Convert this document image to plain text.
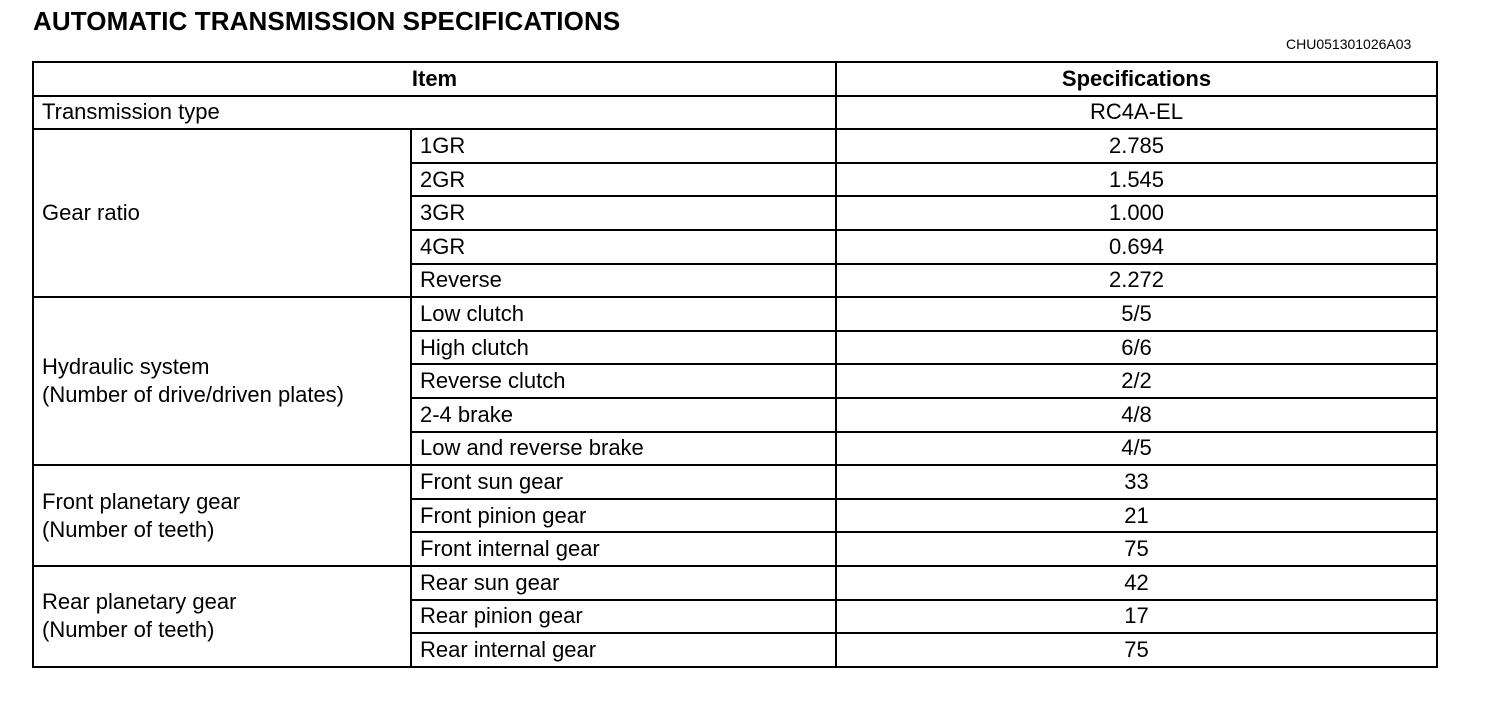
AUTOMATIC TRANSMISSION SPECIFICATIONS
CHU051301026A03
Item		Specifications
Transmission type		RC4A-EL

Gear ratio	1GR	2.785
	2GR	1.545
	3GR	1.000
	4GR	0.694
	Reverse	2.272

Hydraulic system
(Number of drive/driven plates)	Low clutch	5/5
	High clutch	6/6
	Reverse clutch	2/2
	2-4 brake	4/8
	Low and reverse brake	4/5

Front planetary gear
(Number of teeth)	Front sun gear	33
	Front pinion gear	21
	Front internal gear	75

Rear planetary gear
(Number of teeth)	Rear sun gear	42
	Rear pinion gear	17
	Rear internal gear	75
